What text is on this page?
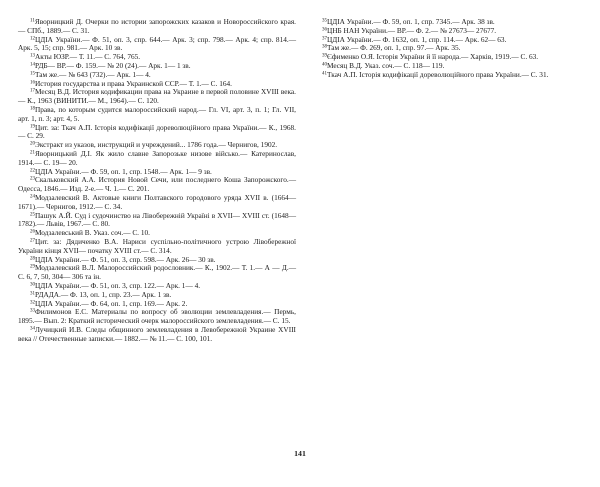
$^{11}$Яворницкий Д. Очерки по истории запорожских казаков и Новороссийского края.— СПб., 1889.— С. 31.

$^{12}$ЦДІА України.— Ф. 51, оп. 3, спр. 644.— Арк. 3; спр. 798.— Арк. 4; спр. 814.— Арк. 5, 15; спр. 981.— Арк. 10 зв.

$^{13}$Акты ЮЗР.— Т. 11.— С. 764, 765.

$^{14}$РДБ— ВР.— Ф. 159.— № 20 (24).— Арк. 1— 1 зв.

$^{15}$Там же.— № 643 (732).— Арк. 1— 4.

$^{16}$История государства и права Украинской ССР.— Т. 1.— С. 164.

$^{17}$Месяц В.Д. История кодификации права на Украине в первой половине XVIII века.— К., 1963 (ВИНИТИ.— М., 1964).— С. 120.

$^{18}$Права, по которым судится малороссийский народ.— Гл. VI, арт. 3, п. 1; Гл. VII, арт. 1, п. 3; арт. 4, 5.

$^{19}$Цит. за: Ткач А.П. Історія кодифікації дореволюційного права України.— К., 1968.— С. 29.

$^{20}$Экстракт из указов, инструкций и учреждений... 1786 года.— Чернигов, 1902.

$^{21}$Яворницький Д.І. Як жило славне Запорозьке низове військо.— Катеринослав, 1914.— С. 19— 20.

$^{22}$ЦДІА України.— Ф. 59, оп. 1, спр. 1548.— Арк. 1— 9 зв.

$^{23}$Скальковский А.А. История Новой Сечи, или последнего Коша Запорожского.— Одесса, 1846.— Изд. 2-е.— Ч. 1.— С. 201.

$^{24}$Модзалевский В. Актовые книги Полтавского городового уряда XVII в. (1664— 1671).— Чернигов, 1912.— С. 34.

$^{25}$Пашук А.Й. Суд і судочинство на Лівобережній Україні в XVII— XVIII ст. (1648— 1782).— Львів, 1967.— С. 80.

$^{26}$Модзалевський В. Указ. соч.— С. 10.

$^{27}$Цит. за: Дядиченко В.А. Нариси суспільно-політичного устрою Лівобережної України кінця XVII— початку XVIII ст.— С. 314.

$^{28}$ЦДІА України.— Ф. 51, оп. 3, спр. 598.— Арк. 26— 30 зв.

$^{29}$Модзалевский В.Л. Малороссийский родословник.— К., 1902.— Т. 1.— А — Д.— С. 6, 7, 50, 304— 306 та ін.

$^{30}$ЦДІА України.— Ф. 51, оп. 3, спр. 122.— Арк. 1— 4.

$^{31}$РДАДА.— Ф. 13, оп. 1, спр. 23.— Арк. 1 зв.

$^{32}$ЦДІА України.— Ф. 64, оп. 1, спр. 169.— Арк. 2.

$^{33}$Филимонов Е.С. Материалы по вопросу об эволюции землевладения.— Пермь, 1895.— Вып. 2: Краткий исторический очерк малороссийского землевладения.— С. 15.

$^{34}$Лучицкий И.В. Следы общинного землевладения в Левобережной Украине XVIII века // Отечественные записки.— 1882.— № 11.— С. 100, 101.

$^{35}$ЦДІА України.— Ф. 59, оп. 1, спр. 7345.— Арк. 38 зв.

$^{36}$ЦНБ НАН України.— ВР.— Ф. 2.— № 27673— 27677.

$^{37}$ЦДІА України.— Ф. 1632, оп. 1, спр. 114.— Арк. 62— 63.

$^{38}$Там же.— Ф. 269, оп. 1, спр. 97.— Арк. 35.

$^{39}$Єфименко О.Я. Історія України й її народа.— Харків, 1919.— С. 63.

$^{40}$Месяц В.Д. Указ. соч.— С. 118— 119.

$^{41}$Ткач А.П. Історія кодифікації дореволюційного права України.— С. 31.

141
